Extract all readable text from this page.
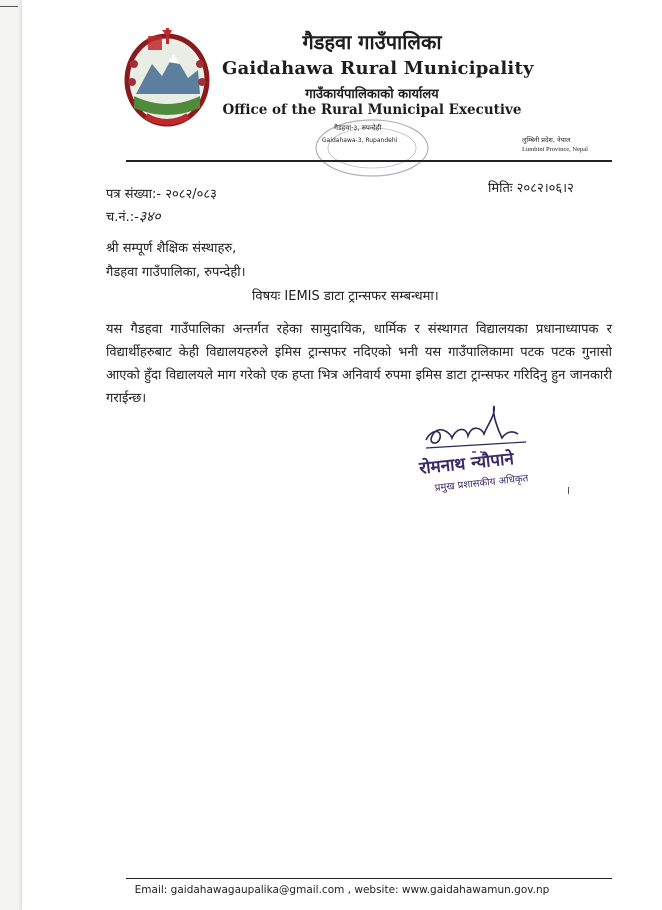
गैडहवा गाउँपालिका
Gaidahawa Rural Municipality
गाउँकार्यपालिकाको कार्यालय
Office of the Rural Municipal Executive
गैडहवा-३, रुपन्देही
Gaidahawa-3, Rupandehi	लुम्बिनी प्रदेश, नेपाल
Lumbini Province, Nepal
पत्र संख्या:- २०८२/०८३
च.नं.:-३४०
मितिः २०८२।०६।२
श्री सम्पूर्ण शैक्षिक संस्थाहरु,
गैडहवा गाउँपालिका, रुपन्देही।
विषयः IEMIS डाटा ट्रान्सफर सम्बन्धमा।
यस गैडहवा गाउँपालिका अन्तर्गत रहेका सामुदायिक, धार्मिक र संस्थागत विद्यालयका प्रधानाध्यापक र विद्यार्थीहरुबाट केही विद्यालयहरुले इमिस ट्रान्सफर नदिएको भनी यस गाउँपालिकामा पटक पटक गुनासो आएको हुँदा विद्यालयले माग गरेको एक हप्ता भित्र अनिवार्य रुपमा इमिस डाटा ट्रान्सफर गरिदिनु हुन जानकारी गराईन्छ।
रोमनाथ न्यौपाने
प्रमुख प्रशासकीय अधिकृत
Email: gaidahawagaupalika@gmail.com , website: www.gaidahawamun.gov.np
